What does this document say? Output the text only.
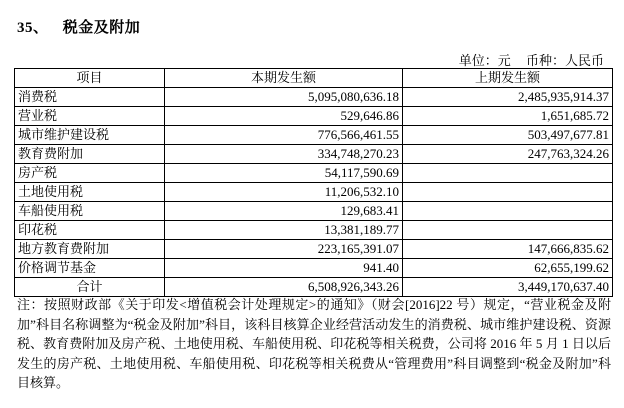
35、 税金及附加
单位：元 币种：人民币
项目	本期发生额	上期发生额
消费税	5,095,080,636.18	2,485,935,914.37
营业税	529,646.86	1,651,685.72
城市维护建设税	776,566,461.55	503,497,677.81
教育费附加	334,748,270.23	247,763,324.26
房产税	54,117,590.69	
土地使用税	11,206,532.10	
车船使用税	129,683.41	
印花税	13,381,189.77	
地方教育费附加	223,165,391.07	147,666,835.62
价格调节基金	941.40	62,655,199.62
合计	6,508,926,343.26	3,449,170,637.40
注：按照财政部《关于印发<增值税会计处理规定>的通知》（财会[2016]22 号）规定，“营业税金及附加”科目名称调整为“税金及附加”科目，该科目核算企业经营活动发生的消费税、城市维护建设税、资源税、教育费附加及房产税、土地使用税、车船使用税、印花税等相关税费，公司将 2016 年 5 月 1 日以后发生的房产税、土地使用税、车船使用税、印花税等相关税费从“管理费用”科目调整到“税金及附加”科目核算。
